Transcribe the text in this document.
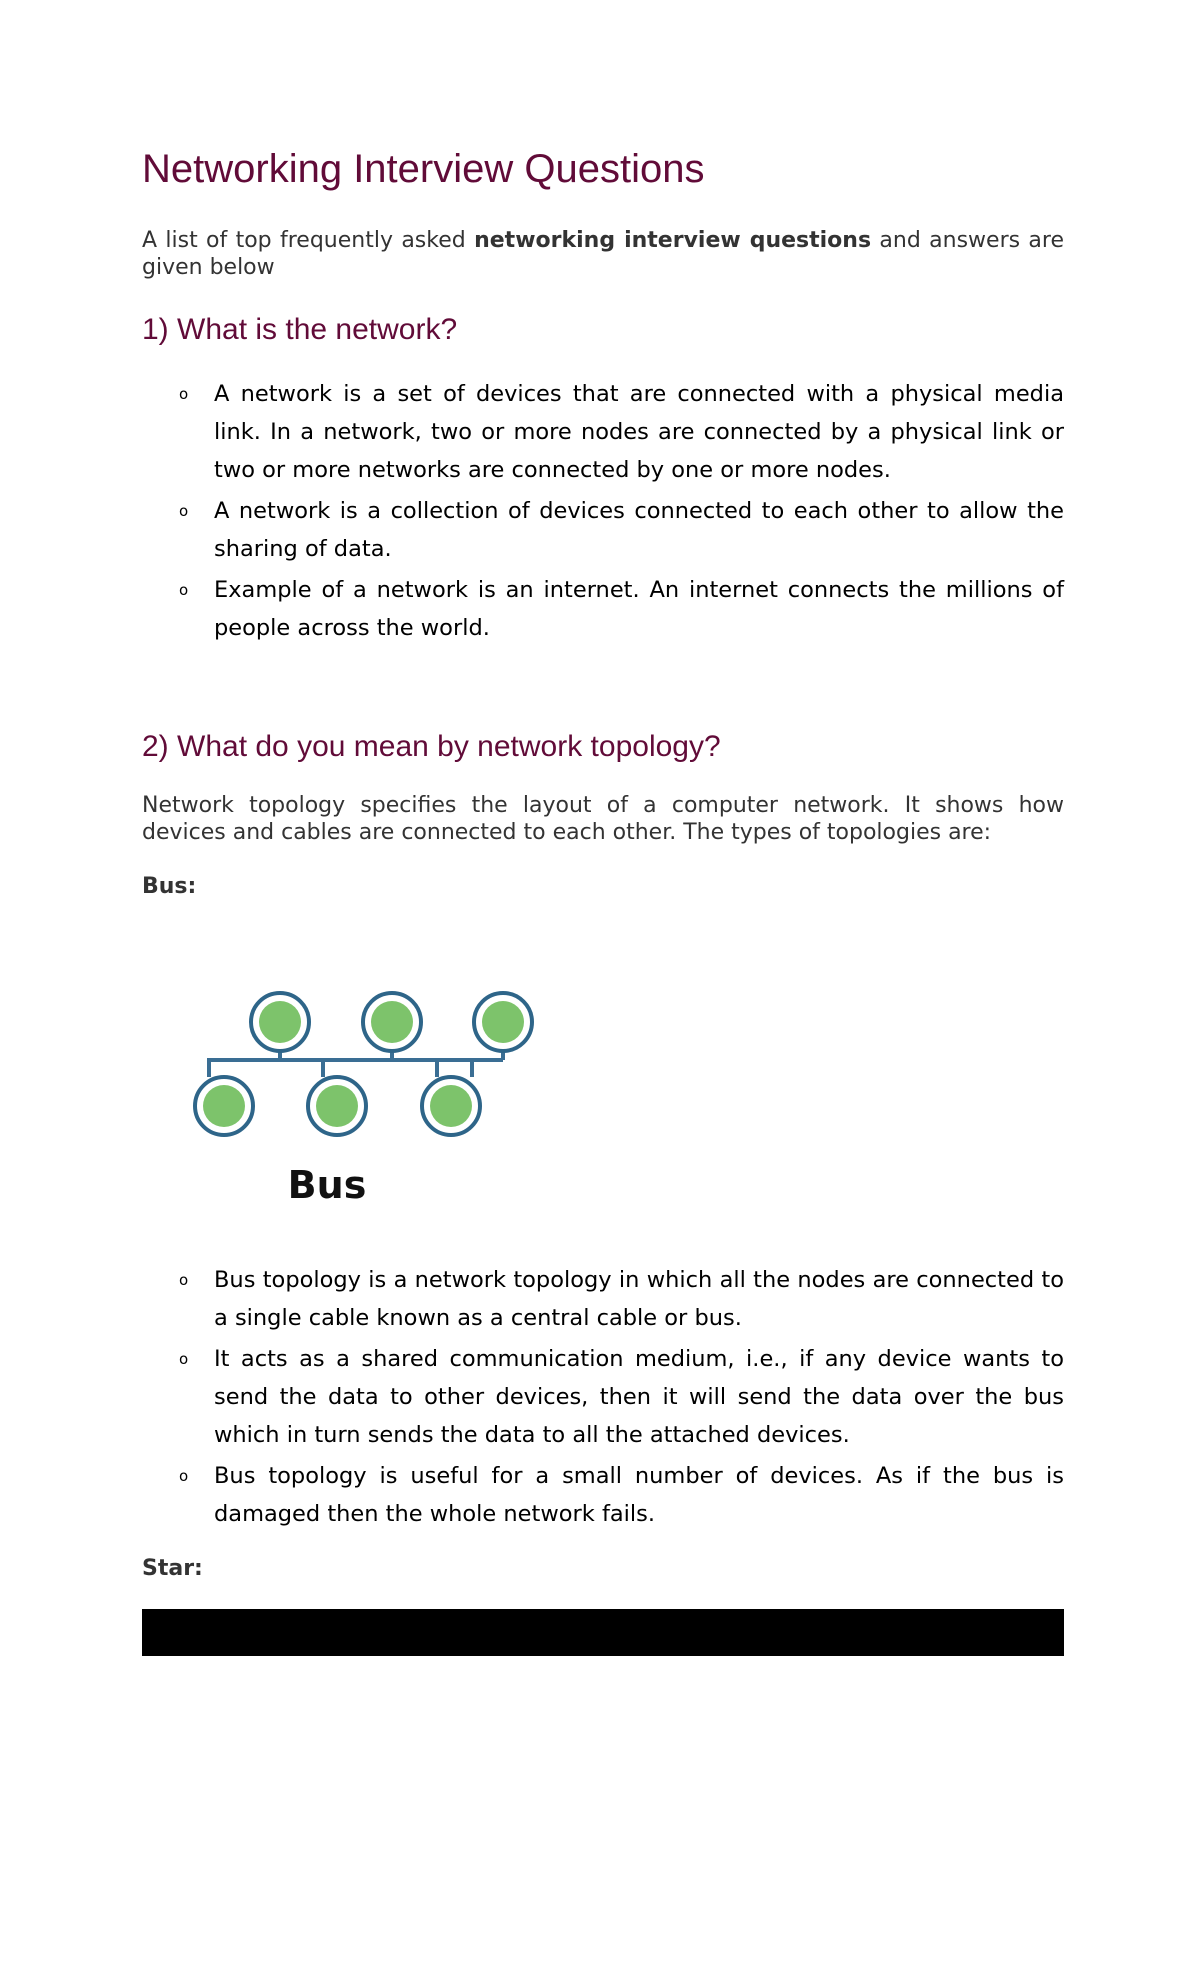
Networking Interview Questions

A list of top frequently asked networking interview questions and answers are given below

1) What is the network?
o A network is a set of devices that are connected with a physical media link. In a network, two or more nodes are connected by a physical link or two or more networks are connected by one or more nodes.
o A network is a collection of devices connected to each other to allow the sharing of data.
o Example of a network is an internet. An internet connects the millions of people across the world.
2) What do you mean by network topology?

Network topology specifies the layout of a computer network. It shows how devices and cables are connected to each other. The types of topologies are:

Bus:

Bus
o Bus topology is a network topology in which all the nodes are connected to a single cable known as a central cable or bus.
o It acts as a shared communication medium, i.e., if any device wants to send the data to other devices, then it will send the data over the bus which in turn sends the data to all the attached devices.
o Bus topology is useful for a small number of devices. As if the bus is damaged then the whole network fails.

Star:
